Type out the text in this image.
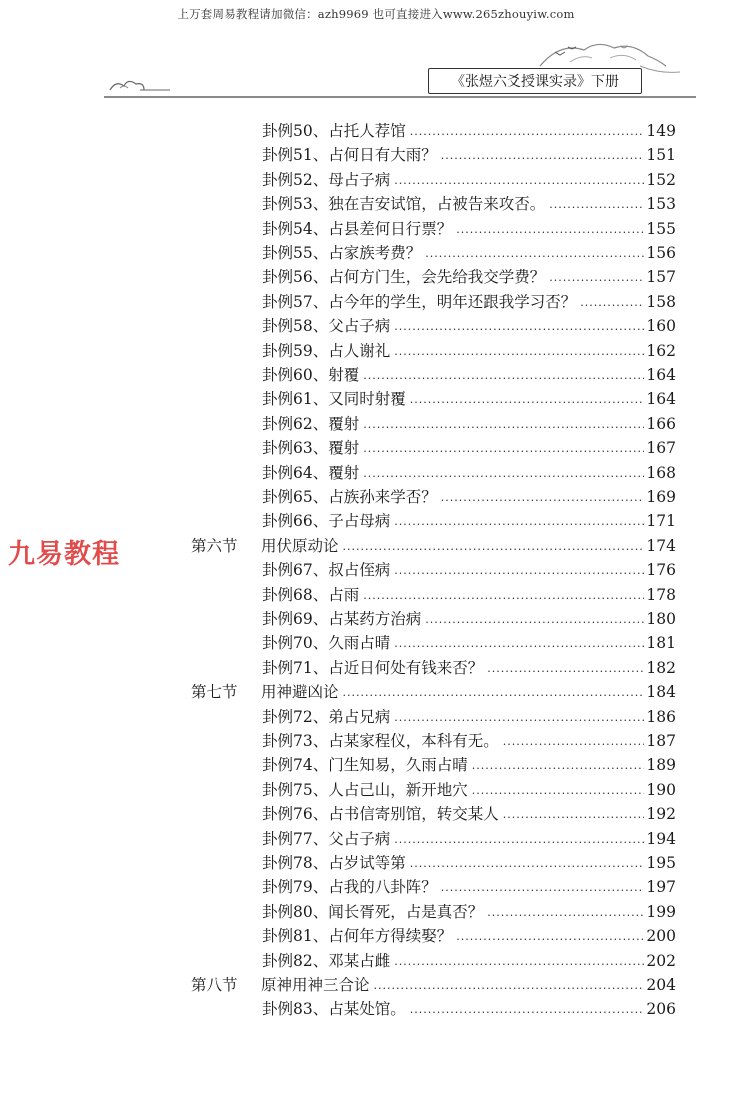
上万套周易教程请加微信：azh9969 也可直接进入www.265zhouyiw.com
《张煜六爻授课实录》下册
九易教程
卦例50、占托人荐馆 .....	149
卦例51、占何日有大雨？ .....	151
卦例52、母占子病 .....	152
卦例53、独在吉安试馆，占被告来攻否。 .....	153
卦例54、占县差何日行票？ .....	155
卦例55、占家族考费？ .....	156
卦例56、占何方门生，会先给我交学费？ .....	157
卦例57、占今年的学生，明年还跟我学习否？ .....	158
卦例58、父占子病 .....	160
卦例59、占人谢礼 .....	162
卦例60、射覆 .....	164
卦例61、又同时射覆 .....	164
卦例62、覆射 .....	166
卦例63、覆射 .....	167
卦例64、覆射 .....	168
卦例65、占族孙来学否？ .....	169
卦例66、子占母病 .....	171
第六节	用伏原动论 .....	174
卦例67、叔占侄病 .....	176
卦例68、占雨 .....	178
卦例69、占某药方治病 .....	180
卦例70、久雨占晴 .....	181
卦例71、占近日何处有钱来否？ .....	182
第七节	用神避凶论 .....	184
卦例72、弟占兄病 .....	186
卦例73、占某家程仪，本科有无。 .....	187
卦例74、门生知易，久雨占晴 .....	189
卦例75、人占己山，新开地穴 .....	190
卦例76、占书信寄别馆，转交某人 .....	192
卦例77、父占子病 .....	194
卦例78、占岁试等第 .....	195
卦例79、占我的八卦阵？ .....	197
卦例80、闻长胥死，占是真否？ .....	199
卦例81、占何年方得续娶？ .....	200
卦例82、邓某占雌 .....	202
第八节	原神用神三合论 .....	204
卦例83、占某处馆。 .....	206
